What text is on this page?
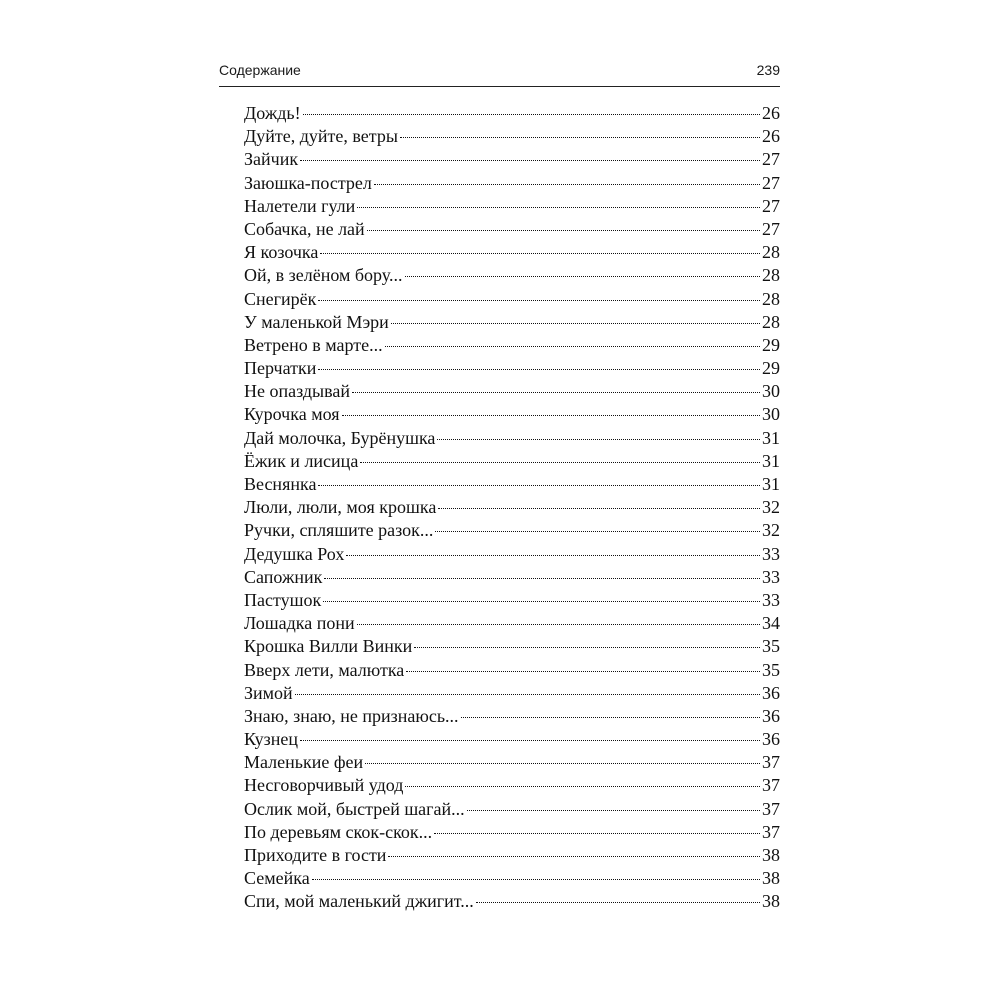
Содержание	239
Дождь!	26
Дуйте, дуйте, ветры	26
Зайчик	27
Заюшка-пострел	27
Налетели гули	27
Собачка, не лай	27
Я козочка	28
Ой, в зелёном бору...	28
Снегирёк	28
У маленькой Мэри	28
Ветрено в марте...	29
Перчатки	29
Не опаздывай	30
Курочка моя	30
Дай молочка, Бурёнушка	31
Ёжик и лисица	31
Веснянка	31
Люли, люли, моя крошка	32
Ручки, спляшите разок...	32
Дедушка Рох	33
Сапожник	33
Пастушок	33
Лошадка пони	34
Крошка Вилли Винки	35
Вверх лети, малютка	35
Зимой	36
Знаю, знаю, не признаюсь...	36
Кузнец	36
Маленькие феи	37
Несговорчивый удод	37
Ослик мой, быстрей шагай...	37
По деревьям скок-скок...	37
Приходите в гости	38
Семейка	38
Спи, мой маленький джигит...	38
